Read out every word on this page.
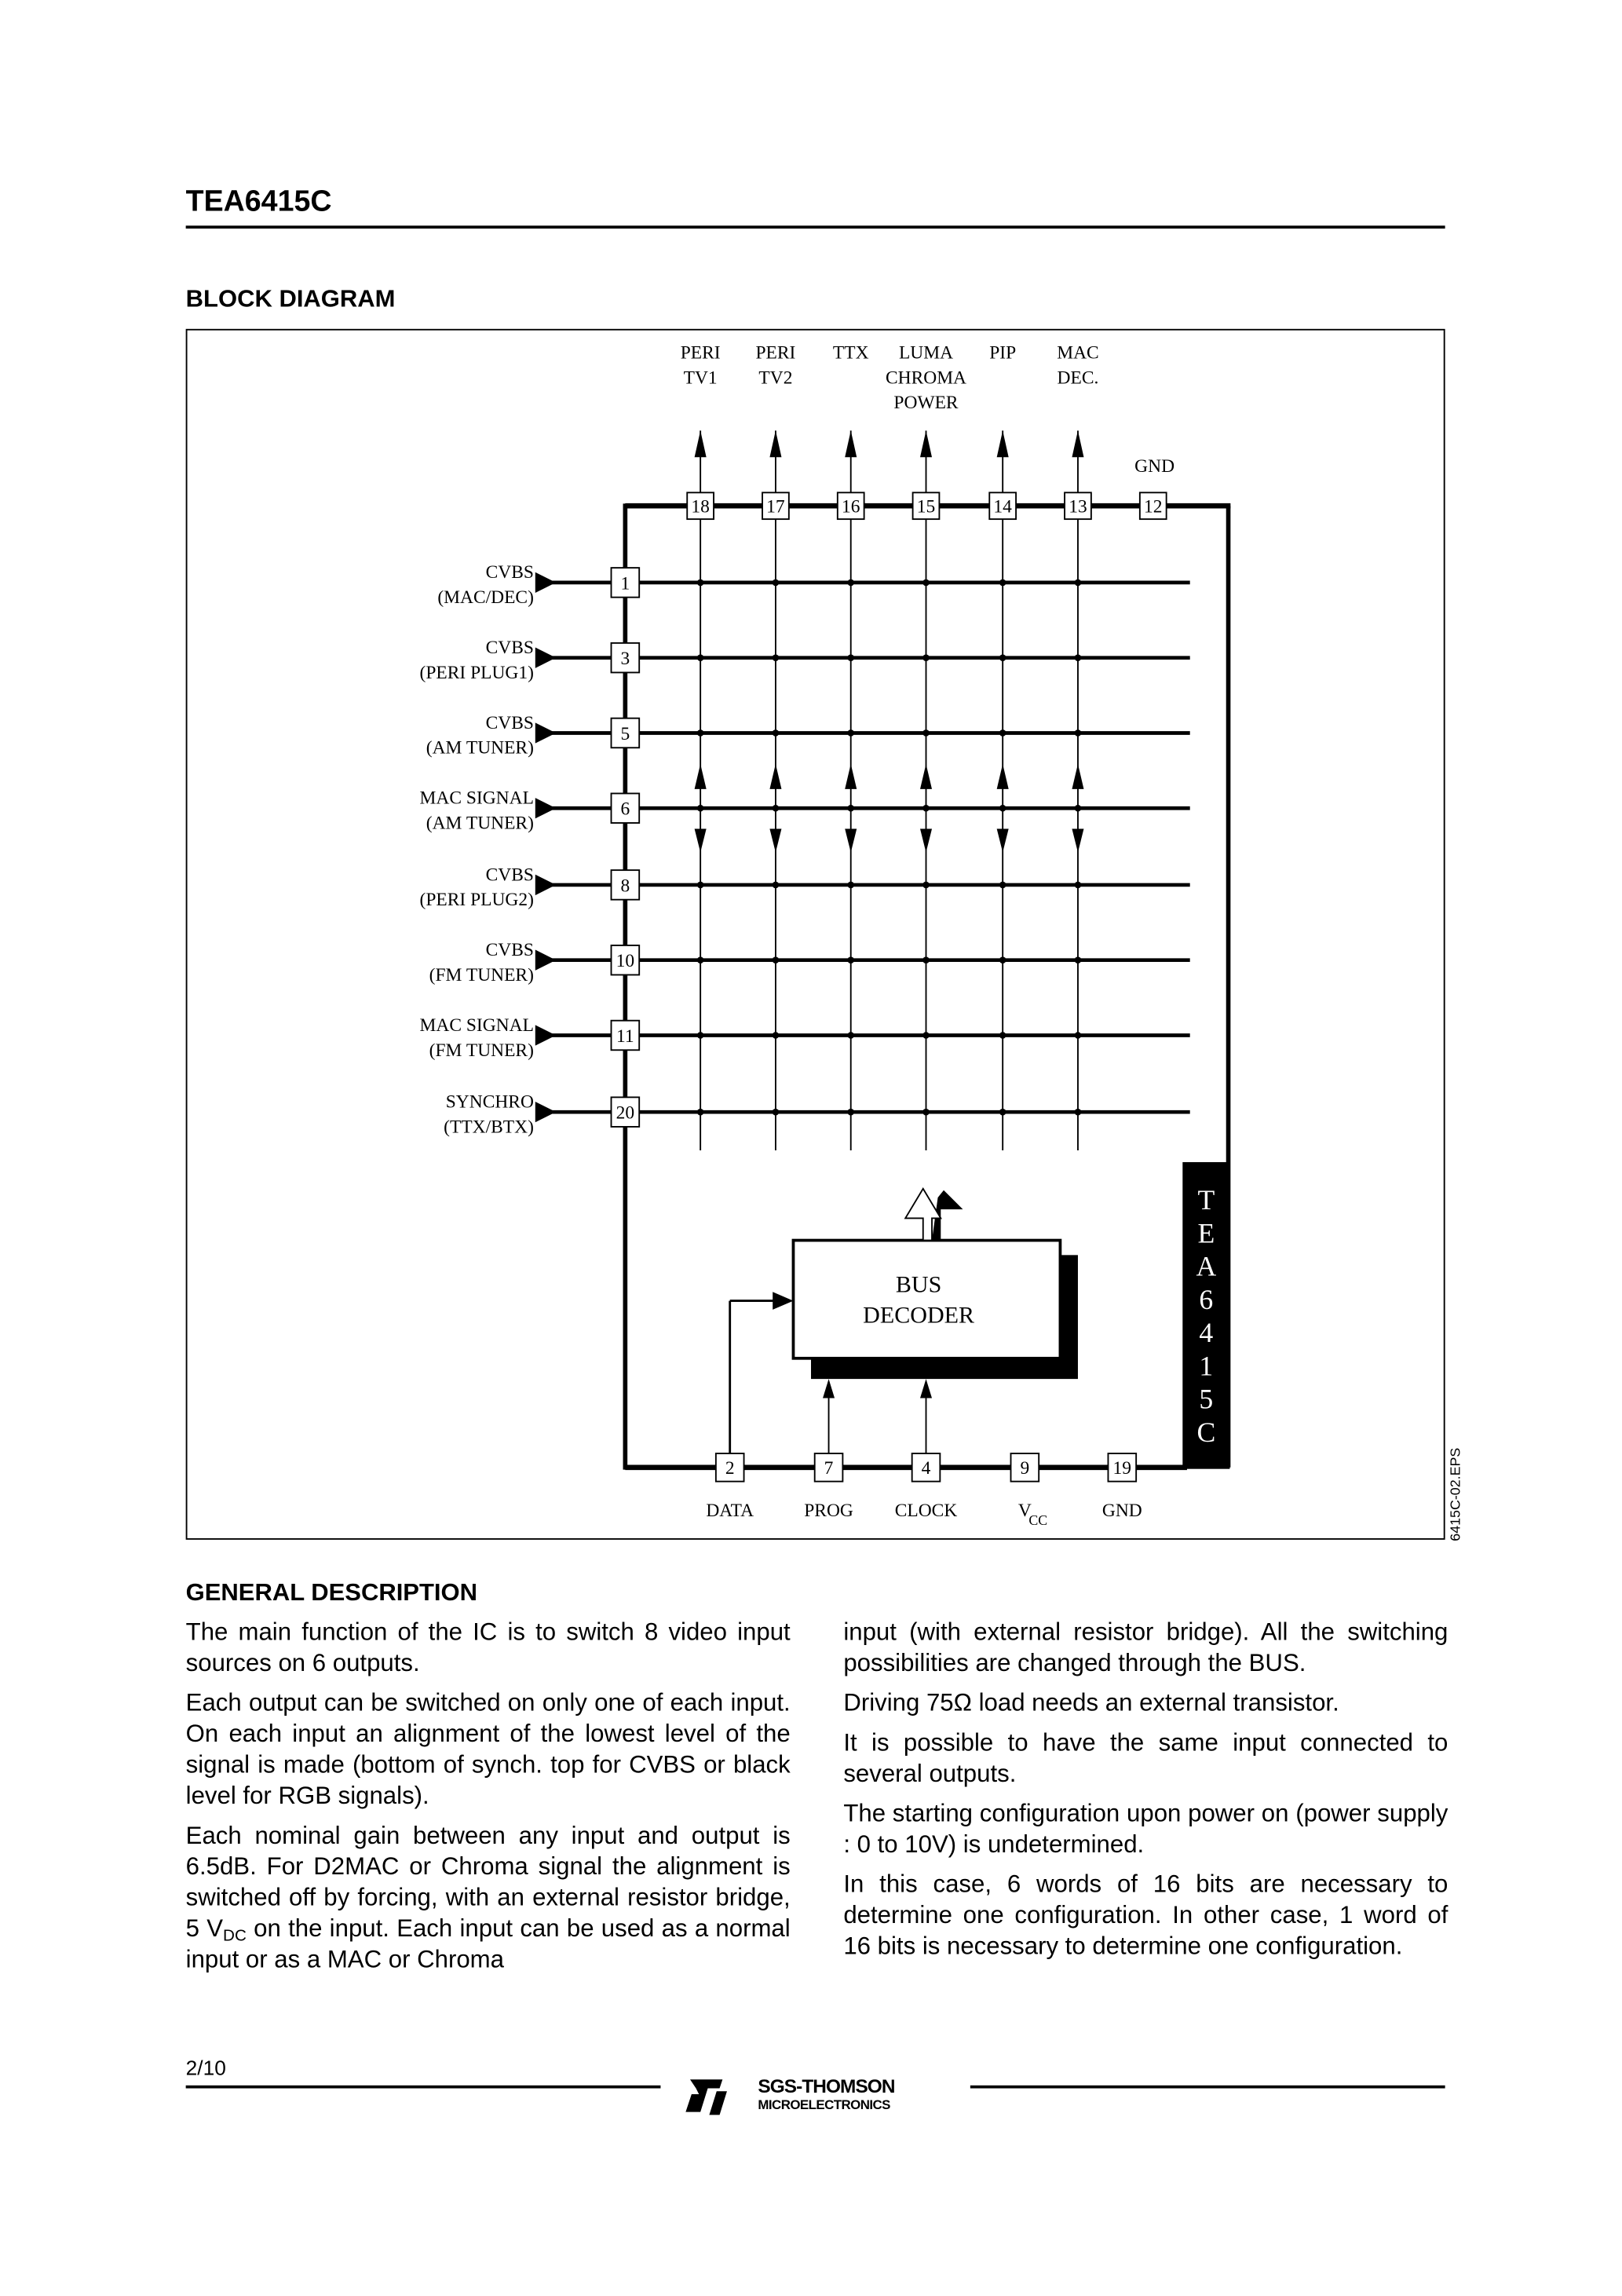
TEA6415C
BLOCK DIAGRAM
PERI
TV1
PERI
TV2
TTX	LUMA
CHROMA
POWER
PIP	MAC
DEC.
CVBS
(MAC/DEC)
1
CVBS
(PERI PLUG1)
3
CVBS
(AM TUNER)
5
MAC SIGNAL
(AM TUNER)
6
CVBS
(PERI PLUG2)
8
CVBS
(FM TUNER)
10
MAC SIGNAL
(FM TUNER)
11
SYNCHRO
(TTX/BTX)
20
18	17	16	15	14	13	12
GND
T
E
A
6
4
1
5
C
BUS
DECODER
2
DATA
7
PROG
4
CLOCK
9
V
CC
19
GND	6415C-02.EPS
GENERAL DESCRIPTION

The main function of the IC is to switch 8 video input sources on 6 outputs.

Each output can be switched on only one of each input. On each input an alignment of the lowest level of the signal is made (bottom of synch. top for CVBS or black level for RGB signals).

Each nominal gain between any input and output is 6.5dB. For D2MAC or Chroma signal the alignment is switched off by forcing, with an external resistor bridge, 5 $V_{DC}$ on the input. Each input can be used as a normal input or as a MAC or Chroma

input (with external resistor bridge). All the switching possibilities are changed through the BUS.

Driving 75Ω load needs an external transistor.

It is possible to have the same input connected to several outputs.

The starting configuration upon power on (power supply : 0 to 10V) is undetermined.

In this case, 6 words of 16 bits are necessary to determine one configuration. In other case, 1 word of 16 bits is necessary to determine one configuration.

2/10
SGS-THOMSON
MICROELECTRONICS
